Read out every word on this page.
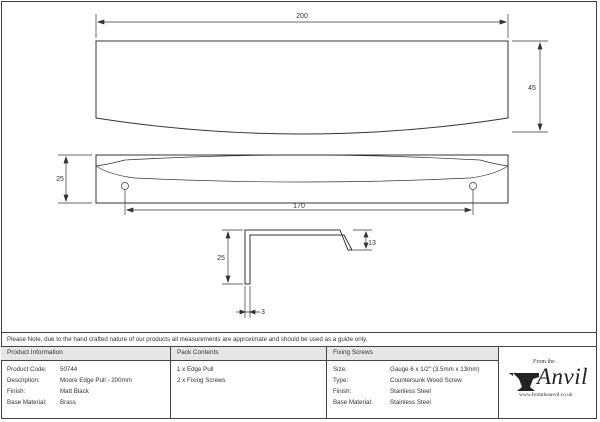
200
45
25
170
25
13
3
Please Note, due to the hand crafted nature of our products all measurements are approximate and should be used as a guide only.
Product Information
Product Code:	50744
Description:	Moore Edge Pull - 200mm
Finish:	Matt Black
Base Material:	Brass
Pack Contents
1 x Edge Pull
2 x Fixing Screws
Fixing Screws
Size:	Gauge 6 x 1/2" (3.5mm x 13mm)
Type:	Countersunk Wood Screw
Finish:	Stainless Steel
Base Material:	Stainless Steel
From the
Anvil
www.fromtheanvil.co.uk
